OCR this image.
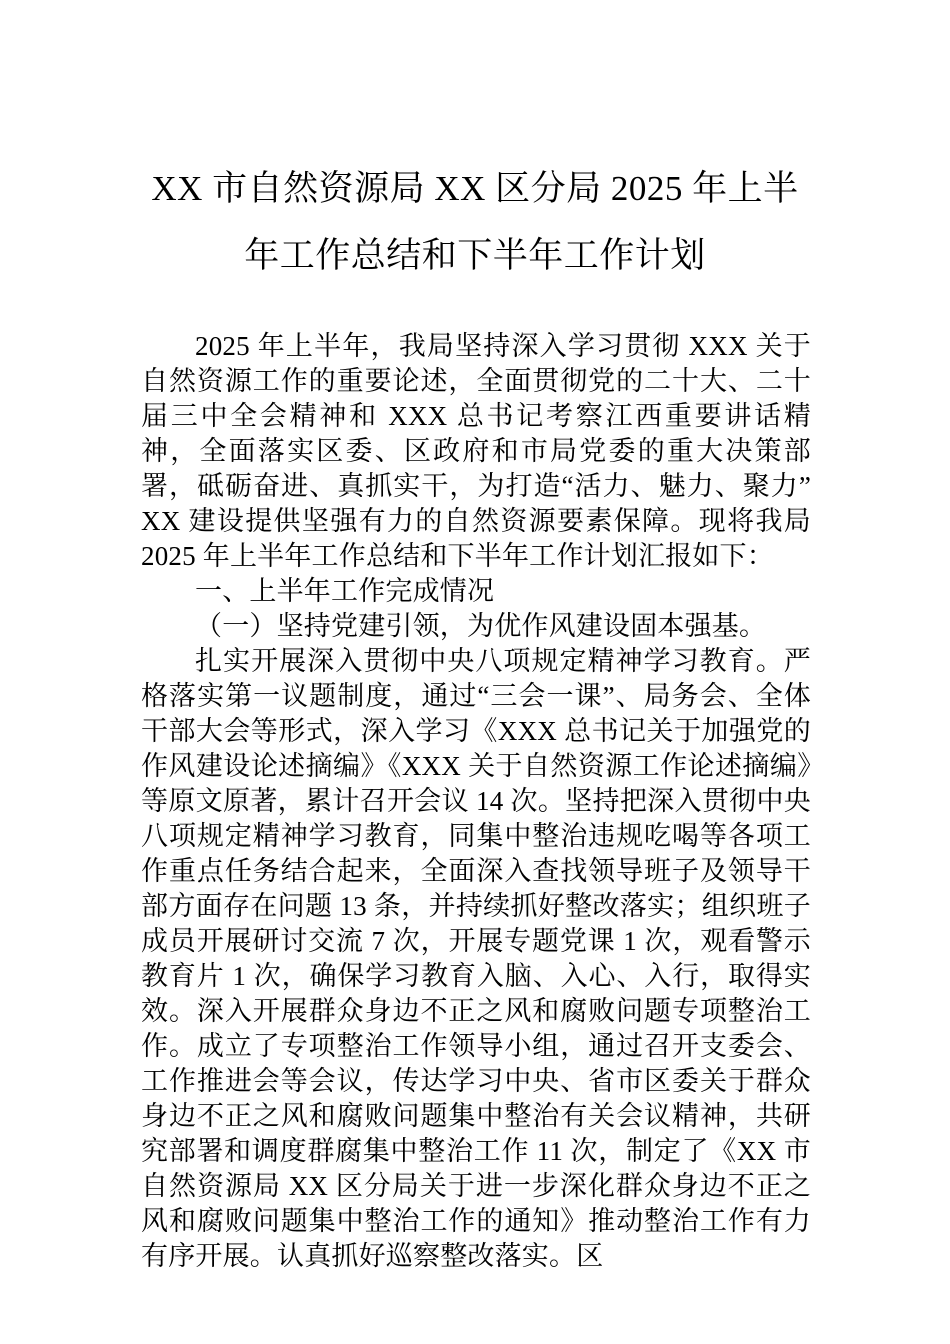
XX 市自然资源局 XX 区分局 2025 年上半
年工作总结和下半年工作计划

2025 年上半年，我局坚持深入学习贯彻 XXX 关于自然资源工作的重要论述，全面贯彻党的二十大、二十届三中全会精神和 XXX 总书记考察江西重要讲话精神，全面落实区委、区政府和市局党委的重大决策部署，砥砺奋进、真抓实干，为打造“活力、魅力、聚力”XX 建设提供坚强有力的自然资源要素保障。现将我局 2025 年上半年工作总结和下半年工作计划汇报如下：

一、上半年工作完成情况

（一）坚持党建引领，为优作风建设固本强基。

扎实开展深入贯彻中央八项规定精神学习教育。严格落实第一议题制度，通过“三会一课”、局务会、全体干部大会等形式，深入学习《XXX 总书记关于加强党的作风建设论述摘编》《XXX 关于自然资源工作论述摘编》等原文原著，累计召开会议 14 次。坚持把深入贯彻中央八项规定精神学习教育，同集中整治违规吃喝等各项工作重点任务结合起来，全面深入查找领导班子及领导干部方面存在问题 13 条，并持续抓好整改落实；组织班子成员开展研讨交流 7 次，开展专题党课 1 次，观看警示教育片 1 次，确保学习教育入脑、入心、入行，取得实效。深入开展群众身边不正之风和腐败问题专项整治工作。成立了专项整治工作领导小组，通过召开支委会、工作推进会等会议，传达学习中央、省市区委关于群众身边不正之风和腐败问题集中整治有关会议精神，共研究部署和调度群腐集中整治工作 11 次，制定了《XX 市自然资源局 XX 区分局关于进一步深化群众身边不正之风和腐败问题集中整治工作的通知》推动整治工作有力有序开展。认真抓好巡察整改落实。区
